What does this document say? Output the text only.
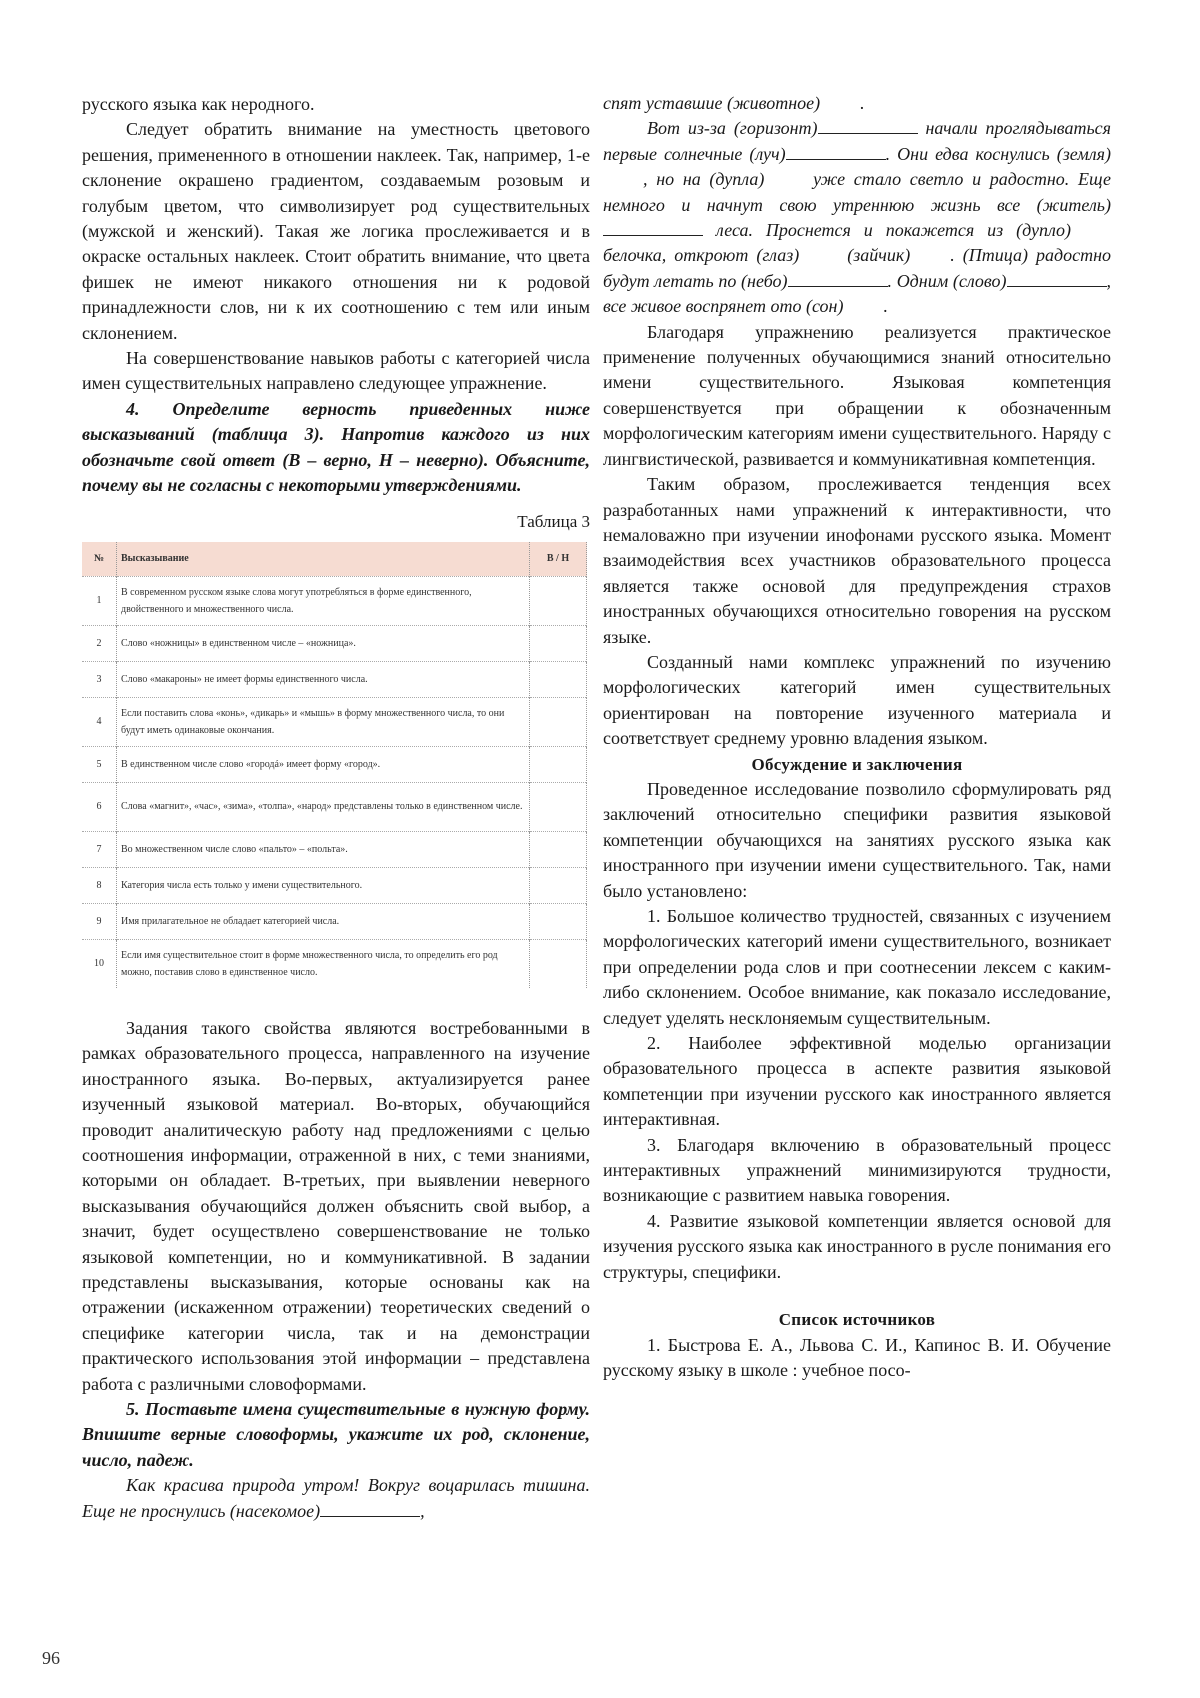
русского языка как неродного.

Следует обратить внимание на уместность цветового решения, примененного в отношении наклеек. Так, например, 1-е склонение окрашено градиентом, создаваемым розовым и голубым цветом, что символизирует род существительных (мужской и женский). Такая же логика прослеживается и в окраске остальных наклеек. Стоит обратить внимание, что цвета фишек не имеют никакого отношения ни к родовой принадлежности слов, ни к их соотношению с тем или иным склонением.

На совершенствование навыков работы с категорией числа имен существительных направлено следующее упражнение.

4. Определите верность приведенных ниже высказываний (таблица 3). Напротив каждого из них обозначьте свой ответ (В – верно, Н – неверно). Объясните, почему вы не согласны с некоторыми утверждениями.

Таблица 3
№	Высказывание	В / Н
1	В современном русском языке слова могут употребляться в форме единственного, двойственного и множественного числа.	
2	Слово «ножницы» в единственном числе – «ножница».	
3	Слово «макароны» не имеет формы единственного числа.	
4	Если поставить слова «конь», «дикарь» и «мышь» в форму множественного числа, то они будут иметь одинаковые окончания.	
5	В единственном числе слово «городá» имеет форму «город».	
6	Слова «магнит», «час», «зима», «толпа», «народ» представлены только в единственном числе.	
7	Во множественном числе слово «пальто» – «польта».	
8	Категория числа есть только у имени существительного.	
9	Имя прилагательное не обладает категорией числа.	
10	Если имя существительное стоит в форме множественного числа, то определить его род можно, поставив слово в единственное число.	

Задания такого свойства являются востребованными в рамках образовательного процесса, направленного на изучение иностранного языка. Во-первых, актуализируется ранее изученный языковой материал. Во-вторых, обучающийся проводит аналитическую работу над предложениями с целью соотношения информации, отраженной в них, с теми знаниями, которыми он обладает. В-третьих, при выявлении неверного высказывания обучающийся должен объяснить свой выбор, а значит, будет осуществлено совершенствование не только языковой компетенции, но и коммуникативной. В задании представлены высказывания, которые основаны как на отражении (искаженном отражении) теоретических сведений о специфике категории числа, так и на демонстрации практического использования этой информации – представлена работа с различными словоформами.

5. Поставьте имена существительные в нужную форму. Впишите верные словоформы, укажите их род, склонение, число, падеж.

Как красива природа утром! Вокруг воцарилась тишина. Еще не проснулись (насекомое)	,

спят уставшие (животное) .

Вот из-за (горизонт)	начали проглядываться первые солнечные (луч)	. Они едва коснулись (земля), но на (дупла)	уже стало светло и радостно. Еще немного и начнут свою утреннюю жизнь все (житель) леса. Проснется и покажется из (дупло) белочка, откроют (глаз)	(зайчик) . (Птица) радостно будут летать по (небо)	. Одним (слово)	, все живое воспрянет ото (сон) .

Благодаря упражнению реализуется практическое применение полученных обучающимися знаний относительно имени существительного. Языковая компетенция совершенствуется при обращении к обозначенным морфологическим категориям имени существительного. Наряду с лингвистической, развивается и коммуникативная компетенция.

Таким образом, прослеживается тенденция всех разработанных нами упражнений к интерактивности, что немаловажно при изучении инофонами русского языка. Момент взаимодействия всех участников образовательного процесса является также основой для предупреждения страхов иностранных обучающихся относительно говорения на русском языке.

Созданный нами комплекс упражнений по изучению морфологических категорий имен существительных ориентирован на повторение изученного материала и соответствует среднему уровню владения языком.

Обсуждение и заключения

Проведенное исследование позволило сформулировать ряд заключений относительно специфики развития языковой компетенции обучающихся на занятиях русского языка как иностранного при изучении имени существительного. Так, нами было установлено:

1. Большое количество трудностей, связанных с изучением морфологических категорий имени существительного, возникает при определении рода слов и при соотнесении лексем с каким-либо склонением. Особое внимание, как показало исследование, следует уделять несклоняемым существительным.

2. Наиболее эффективной моделью организации образовательного процесса в аспекте развития языковой компетенции при изучении русского как иностранного является интерактивная.

3. Благодаря включению в образовательный процесс интерактивных упражнений минимизируются трудности, возникающие с развитием навыка говорения.

4. Развитие языковой компетенции является основой для изучения русского языка как иностранного в русле понимания его структуры, специфики.

Список источников

1. Быстрова Е. А., Львова С. И., Капинос В. И. Обучение русскому языку в школе : учебное посо-

96
